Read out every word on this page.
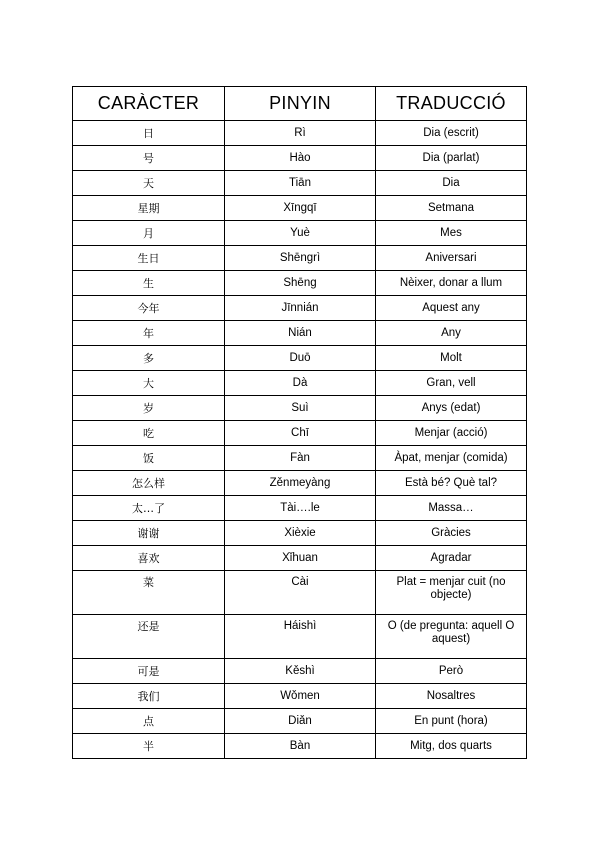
CARÀCTER	PINYIN	TRADUCCIÓ
日	Rì	Dia (escrit)
号	Hào	Dia (parlat)
天	Tiān	Dia
星期	Xīngqī	Setmana
月	Yuè	Mes
生日	Shēngrì	Aniversari
生	Shēng	Nèixer, donar a llum
今年	Jīnnián	Aquest any
年	Nián	Any
多	Duō	Molt
大	Dà	Gran, vell
岁	Suì	Anys (edat)
吃	Chī	Menjar (acció)
饭	Fàn	Àpat, menjar (comida)
怎么样	Zěnmeyàng	Està bé? Què tal?
太…了	Tài….le	Massa…
谢谢	Xièxie	Gràcies
喜欢	Xǐhuan	Agradar
菜	Cài	Plat = menjar cuit (no objecte)
还是	Háishì	O (de pregunta: aquell O aquest)
可是	Kěshì	Però
我们	Wǒmen	Nosaltres
点	Diǎn	En punt (hora)
半	Bàn	Mitg, dos quarts
